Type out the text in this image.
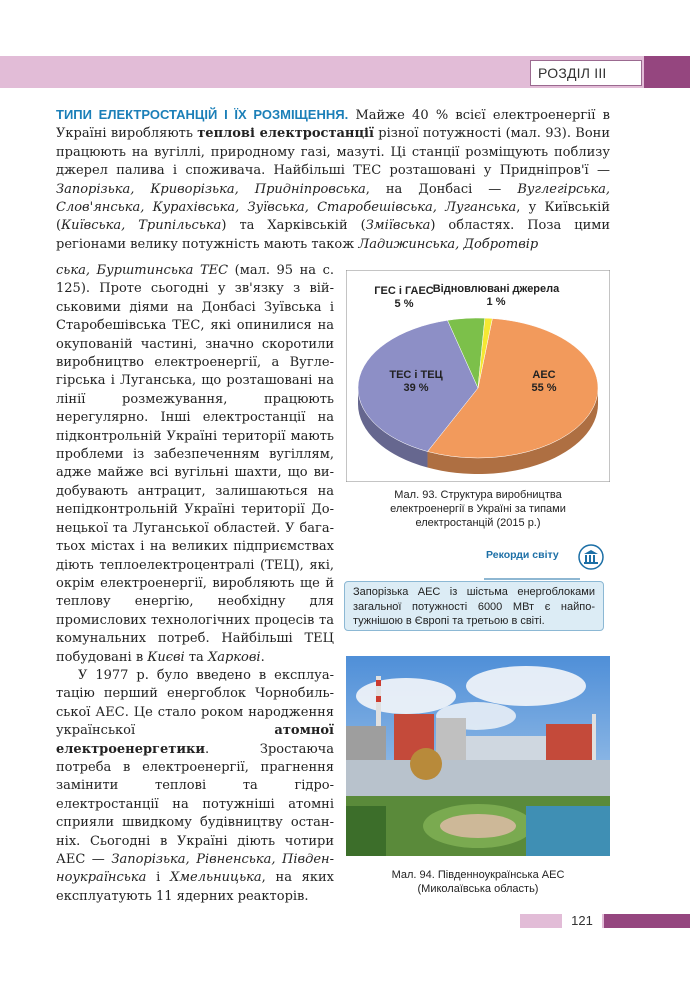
РОЗДІЛ III

ТИПИ ЕЛЕКТРОСТАНЦІЙ І ЇХ РОЗМІЩЕННЯ. Майже 40 % всієї електроенергії в Україні виробляють теплові електростанції різної потужності (мал. 93). Вони працюють на вугіллі, природному газі, мазуті. Ці станції розміщують поблизу джерел палива і споживача. Найбільші ТЕС розташовані у Придніпров'ї — Запорізька, Криворізька, Придніпровська, на Донбасі — Вуглегірська, Слов'янська, Курахівська, Зуївська, Старобешівська, Луганська, у Київській (Київська, Трипільська) та Харківській (Зміївська) областях. Поза цими регіонами велику потужність мають також Ладижинська, Добротвір

ська, Бурштинська ТЕС (мал. 95 на с. 125). Проте сьогодні у зв'язку з військовими діями на Донбасі Зуївська і Старобешівська ТЕС, які опинилися на окупованій частині, значно скоротили виробництво електроенергії, а Вуглегірська і Луганська, що розташовані на лінії розмежування, працюють нерегулярно. Інші електростанції на підконтрольній Україні території мають проблеми із забезпеченням вугіллям, адже майже всі вугільні шахти, що видобувають антрацит, залишаються на непідконтрольній Україні території Донецької та Луганської областей. У багатьох містах і на великих підприємствах діють теплоелектроцентралі (ТЕЦ), які, окрім електроенергії, виробляють ще й теплову енергію, необхідну для промислових технологічних процесів та комунальних потреб. Найбільші ТЕЦ побудовані в Києві та Харкові.

У 1977 р. було введено в експлуатацію перший енергоблок Чорнобильської АЕС. Це стало роком народження української атомної електроенергетики. Зростаюча потреба в електроенергії, прагнення замінити теплові та гідроелектростанції на потужніші атомні сприяли швидкому будівництву останніх. Сьогодні в Україні діють чотири АЕС — Запорізька, Рівненська, Південноукраїнська і Хмельницька, на яких експлуатують 11 ядерних реакторів.

АЕС
55 %
ТЕС і ТЕЦ
39 %
ГЕС і ГАЕС
5 %
Відновлювані джерела
1 %
Мал. 93. Структура виробництва електроенергії в Україні за типами електростанцій (2015 р.)
Рекорди світу
Запорізька АЕС із шістьма енергоблоками загальної потужності 6000 МВт є найпотужнішою в Європі та третьою в світі.
Мал. 94. Південноукраїнська АЕС (Миколаївська область)
121
